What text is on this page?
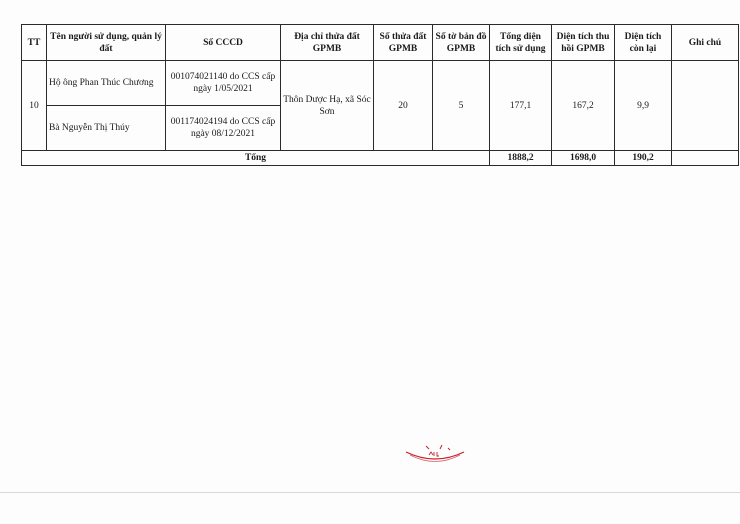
TT	Tên người sử dụng, quản lý đất	Số CCCD	Địa chỉ thửa đất GPMB	Số thửa đất GPMB	Số tờ bản đồ GPMB	Tổng diện tích sử dụng	Diện tích thu hồi GPMB	Diện tích còn lại	Ghi chú
10	Hộ ông Phan Thúc Chương	001074021140 do CCS cấp ngày 1/05/2021	Thôn Dược Hạ, xã Sóc Sơn	20	5	177,1	167,2	9,9	
	Bà Nguyễn Thị Thúy	001174024194 do CCS cấp ngày 08/12/2021							
Tổng						1888,2	1698,0	190,2	
